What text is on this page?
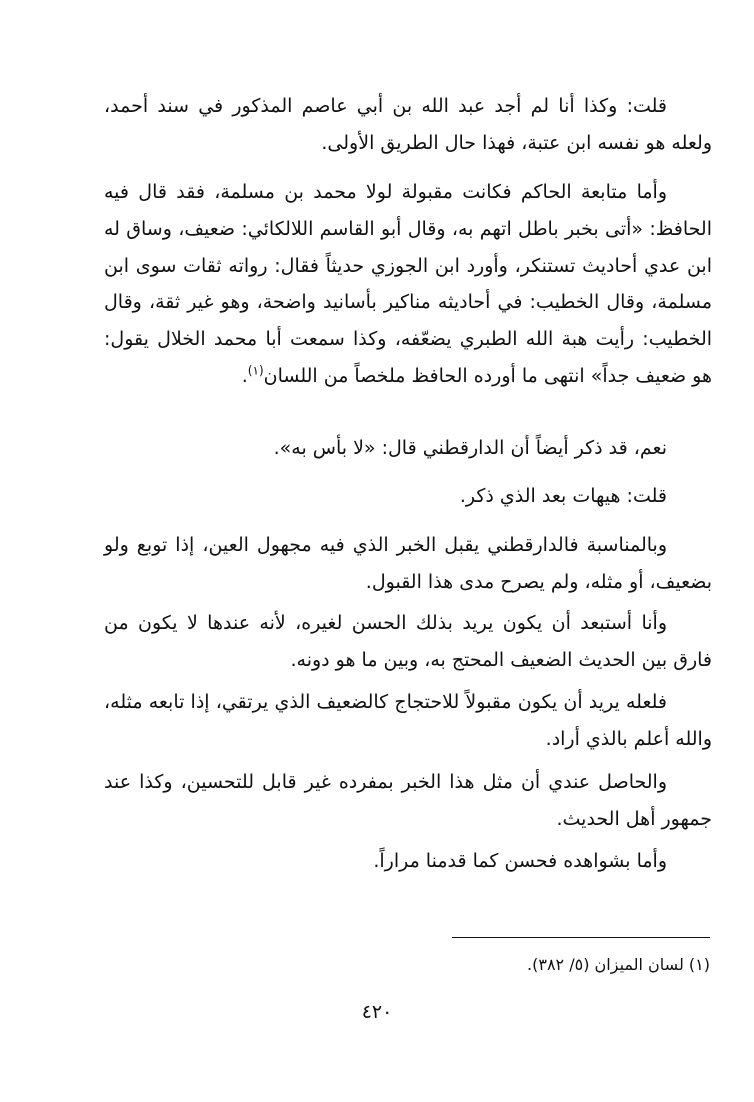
قلت: وكذا أنا لم أجد عبد الله بن أبي عاصم المذكور في سند أحمد، ولعله هو نفسه ابن عتبة، فهذا حال الطريق الأولى.

وأما متابعة الحاكم فكانت مقبولة لولا محمد بن مسلمة، فقد قال فيه الحافظ: «أتى بخبر باطل اتهم به، وقال أبو القاسم اللالكائي: ضعيف، وساق له ابن عدي أحاديث تستنكر، وأورد ابن الجوزي حديثاً فقال: رواته ثقات سوى ابن مسلمة، وقال الخطيب: في أحاديثه مناكير بأسانيد واضحة، وهو غير ثقة، وقال الخطيب: رأيت هبة الله الطبري يضعّفه، وكذا سمعت أبا محمد الخلال يقول: هو ضعيف جداً» انتهى ما أورده الحافظ ملخصاً من اللسان$^{(١)}$.

نعم، قد ذكر أيضاً أن الدارقطني قال: «لا بأس به».

قلت: هيهات بعد الذي ذكر.

وبالمناسبة فالدارقطني يقبل الخبر الذي فيه مجهول العين، إذا توبع ولو بضعيف، أو مثله، ولم يصرح مدى هذا القبول.

وأنا أستبعد أن يكون يريد بذلك الحسن لغيره، لأنه عندها لا يكون من فارق بين الحديث الضعيف المحتج به، وبين ما هو دونه.

فلعله يريد أن يكون مقبولاً للاحتجاج كالضعيف الذي يرتقي، إذا تابعه مثله، والله أعلم بالذي أراد.

والحاصل عندي أن مثل هذا الخبر بمفرده غير قابل للتحسين، وكذا عند جمهور أهل الحديث.

وأما بشواهده فحسن كما قدمنا مراراً.

(١) لسان الميزان (٥/ ٣٨٢).
٤٢٠
